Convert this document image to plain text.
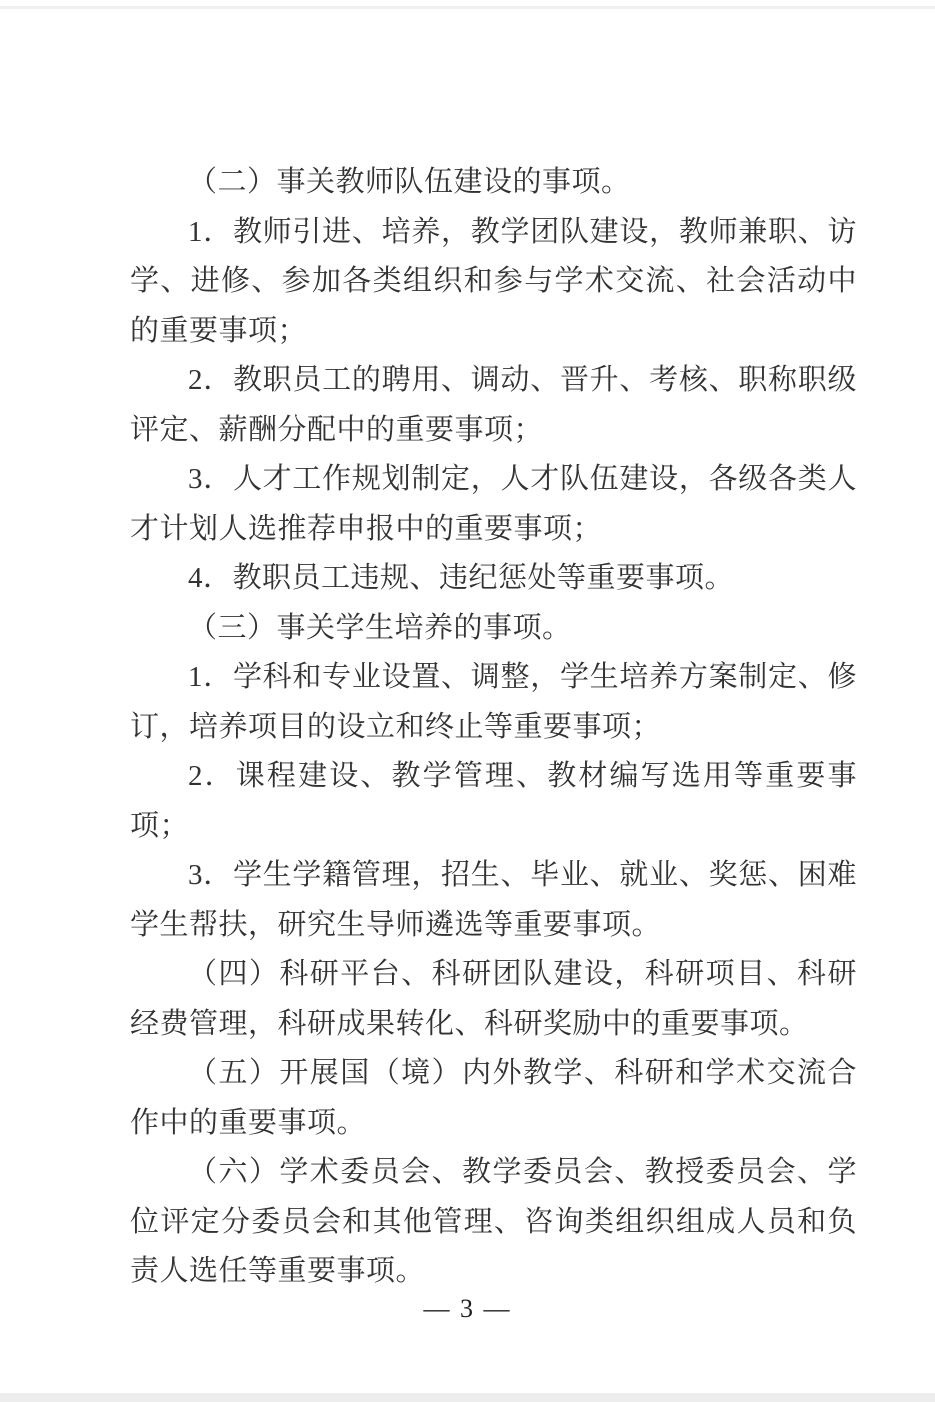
（二）事关教师队伍建设的事项。

1．教师引进、培养，教学团队建设，教师兼职、访学、进修、参加各类组织和参与学术交流、社会活动中的重要事项；

2．教职员工的聘用、调动、晋升、考核、职称职级评定、薪酬分配中的重要事项；

3．人才工作规划制定，人才队伍建设，各级各类人才计划人选推荐申报中的重要事项；

4．教职员工违规、违纪惩处等重要事项。

（三）事关学生培养的事项。

1．学科和专业设置、调整，学生培养方案制定、修订，培养项目的设立和终止等重要事项；

2．课程建设、教学管理、教材编写选用等重要事项；

3．学生学籍管理，招生、毕业、就业、奖惩、困难学生帮扶，研究生导师遴选等重要事项。

（四）科研平台、科研团队建设，科研项目、科研经费管理，科研成果转化、科研奖励中的重要事项。

（五）开展国（境）内外教学、科研和学术交流合作中的重要事项。

（六）学术委员会、教学委员会、教授委员会、学位评定分委员会和其他管理、咨询类组织组成人员和负责人选任等重要事项。

— 3 —
